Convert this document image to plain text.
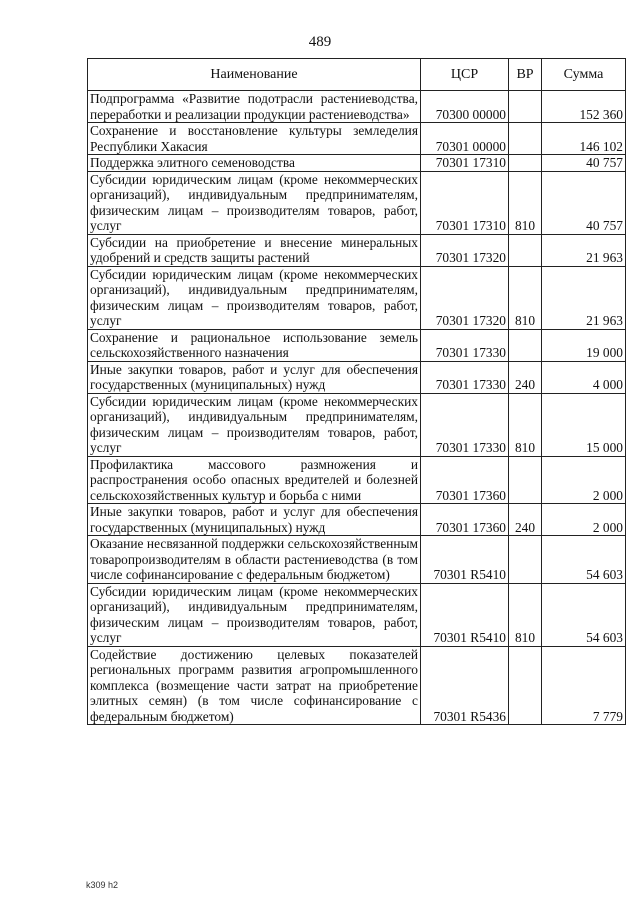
489
Наименование	ЦСР	ВР	Сумма
Подпрограмма «Развитие подотрасли растениеводства, переработки и реализации продукции растениеводства»	70300 00000		152 360
Сохранение и восстановление культуры земледелия Республики Хакасия	70301 00000		146 102
Поддержка элитного семеноводства	70301 17310		40 757
Субсидии юридическим лицам (кроме некоммерческих организаций), индивидуальным предпринимателям, физическим лицам – производителям товаров, работ, услуг	70301 17310	810	40 757
Субсидии на приобретение и внесение минеральных удобрений и средств защиты растений	70301 17320		21 963
Субсидии юридическим лицам (кроме некоммерческих организаций), индивидуальным предпринимателям, физическим лицам – производителям товаров, работ, услуг	70301 17320	810	21 963
Сохранение и рациональное использование земель сельскохозяйственного назначения	70301 17330		19 000
Иные закупки товаров, работ и услуг для обеспечения государственных (муниципальных) нужд	70301 17330	240	4 000
Субсидии юридическим лицам (кроме некоммерческих организаций), индивидуальным предпринимателям, физическим лицам – производителям товаров, работ, услуг	70301 17330	810	15 000
Профилактика массового размножения и распространения особо опасных вредителей и болезней сельскохозяйственных культур и борьба с ними	70301 17360		2 000
Иные закупки товаров, работ и услуг для обеспечения государственных (муниципальных) нужд	70301 17360	240	2 000
Оказание несвязанной поддержки сельскохозяйственным товаропроизводителям в области растениеводства (в том числе софинансирование с федеральным бюджетом)	70301 R5410		54 603
Субсидии юридическим лицам (кроме некоммерческих организаций), индивидуальным предпринимателям, физическим лицам – производителям товаров, работ, услуг	70301 R5410	810	54 603
Содействие достижению целевых показателей региональных программ развития агропромышленного комплекса (возмещение части затрат на приобретение элитных семян) (в том числе софинансирование с федеральным бюджетом)	70301 R5436		7 779
k309 h2
